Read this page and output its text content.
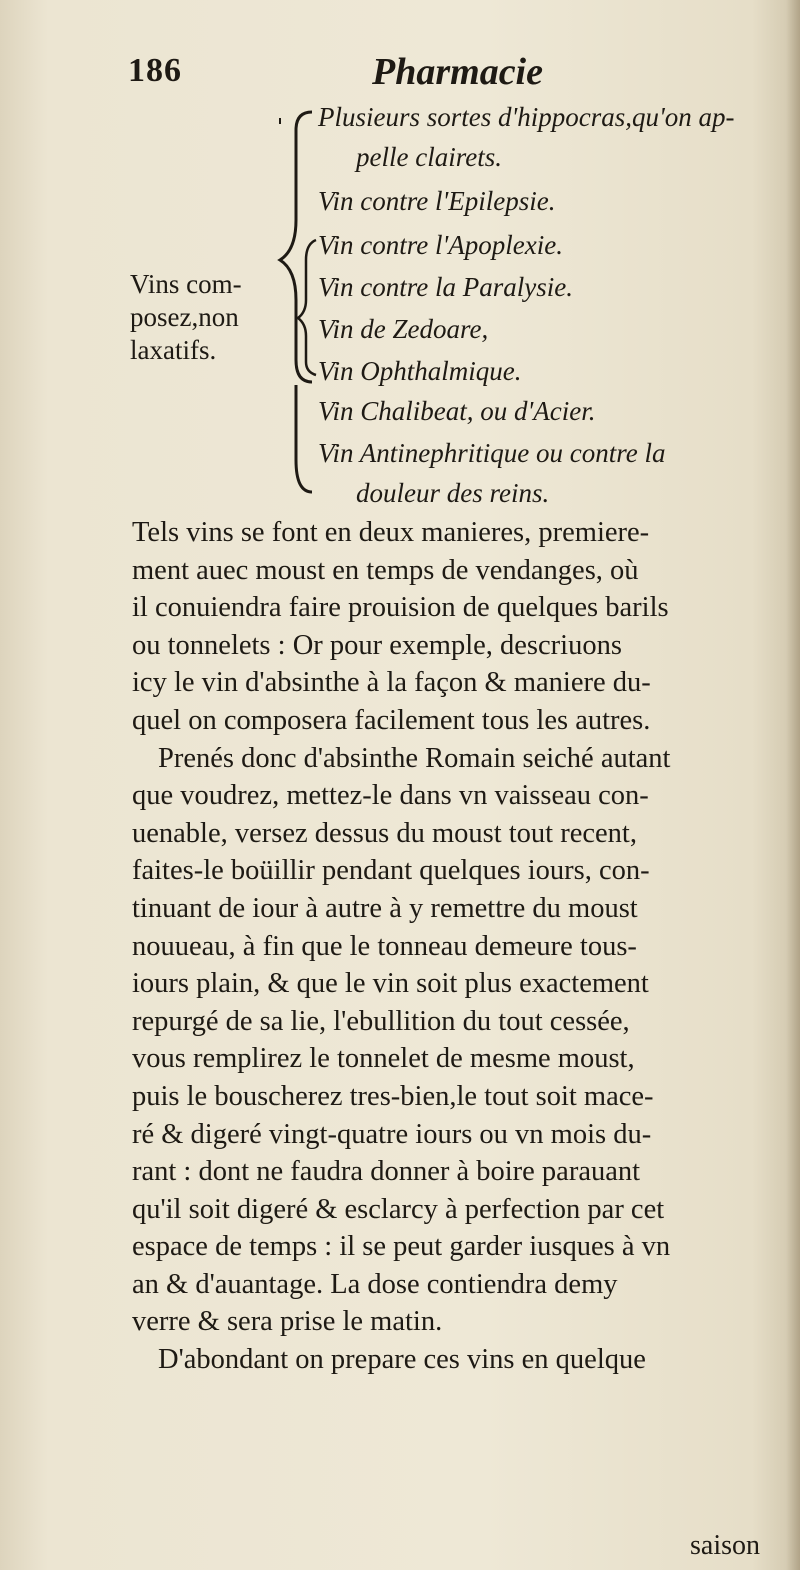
186	Pharmacie
Plusieurs sortes d'hippocras,qu'on ap-
pelle clairets.
Vin contre l'Epilepsie.
Vin contre l'Apoplexie.
Vin contre la Paralysie.
Vin de Zedoare,
Vin Ophthalmique.
Vin Chalibeat, ou d'Acier.
Vin Antinephritique ou contre la
douleur des reins.
Vins com-
posez,non
laxatifs.
Tels vins se font en deux manieres, premiere-
ment auec moust en temps de vendanges, où
il conuiendra faire prouision de quelques barils
ou tonnelets : Or pour exemple, descriuons
icy le vin d'absinthe à la façon & maniere du-
quel on composera facilement tous les autres.
Prenés donc d'absinthe Romain seiché autant
que voudrez, mettez-le dans vn vaisseau con-
uenable, versez dessus du moust tout recent,
faites-le boüillir pendant quelques iours, con-
tinuant de iour à autre à y remettre du moust
nouueau, à fin que le tonneau demeure tous-
iours plain, & que le vin soit plus exactement
repurgé de sa lie, l'ebullition du tout cessée,
vous remplirez le tonnelet de mesme moust,
puis le bouscherez tres-bien,le tout soit mace-
ré & digeré vingt-quatre iours ou vn mois du-
rant : dont ne faudra donner à boire parauant
qu'il soit digeré & esclarcy à perfection par cet
espace de temps : il se peut garder iusques à vn
an & d'auantage. La dose contiendra demy
verre & sera prise le matin.
D'abondant on prepare ces vins en quelque
saison
